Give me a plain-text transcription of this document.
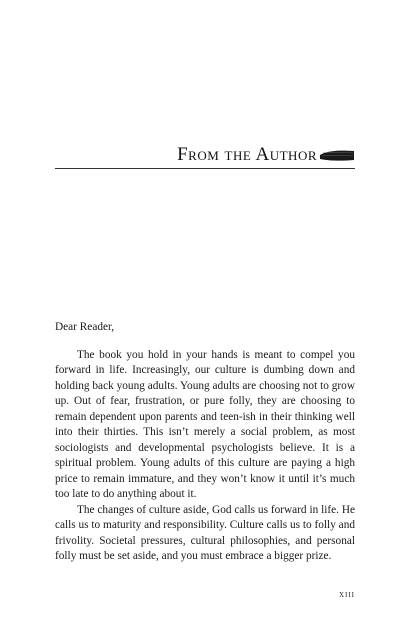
From the Author

Dear Reader,

The book you hold in your hands is meant to compel you forward in life. Increasingly, our culture is dumbing down and holding back young adults. Young adults are choosing not to grow up. Out of fear, frustration, or pure folly, they are choosing to remain dependent upon parents and teen-ish in their thinking well into their thirties. This isn’t merely a social problem, as most sociologists and developmental psychologists believe. It is a spiritual problem. Young adults of this culture are paying a high price to remain immature, and they won’t know it until it’s much too late to do anything about it.

The changes of culture aside, God calls us forward in life. He calls us to maturity and responsibility. Culture calls us to folly and frivolity. Societal pressures, cultural philosophies, and personal folly must be set aside, and you must embrace a bigger prize.

xiii
